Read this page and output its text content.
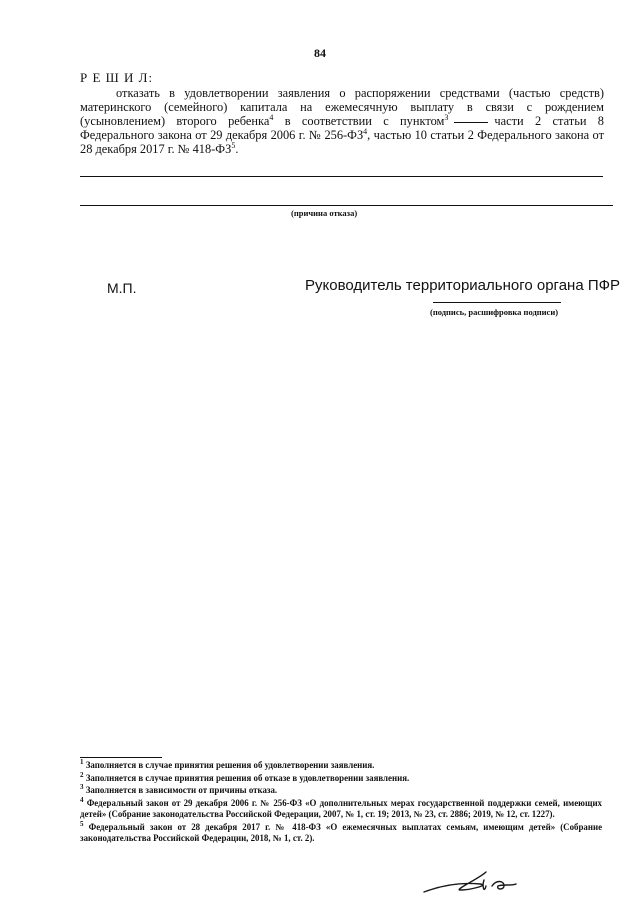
84
Р Е Ш И Л:
отказать в удовлетворении заявления о распоряжении средствами (частью средств) материнского (семейного) капитала на ежемесячную выплату в связи с рождением (усыновлением) второго ребенка$^4$ в соответствии с пунктом$^3$	части 2 статьи 8 Федерального закона от 29 декабря 2006 г. № $256-ФЗ^4$, частью 10 статьи 2 Федерального закона от 28 декабря 2017 г. № $418-ФЗ^5$.
(причина отказа)
М.П.	Руководитель территориального органа ПФР
(подпись, расшифровка подписи)
$^1$ Заполняется в случае принятия решения об удовлетворении заявления.
$^2$ Заполняется в случае принятия решения об отказе в удовлетворении заявления.
$^3$ Заполняется в зависимости от причины отказа.
$^4$ Федеральный закон от 29 декабря 2006 г. № 256-ФЗ «О дополнительных мерах государственной поддержки семей, имеющих детей» (Собрание законодательства Российской Федерации, 2007, № 1, ст. 19; 2013, № 23, ст. 2886; 2019, № 12, ст. 1227).
$^5$ Федеральный закон от 28 декабря 2017 г. № 418-ФЗ «О ежемесячных выплатах семьям, имеющим детей» (Собрание законодательства Российской Федерации, 2018, № 1, ст. 2).
